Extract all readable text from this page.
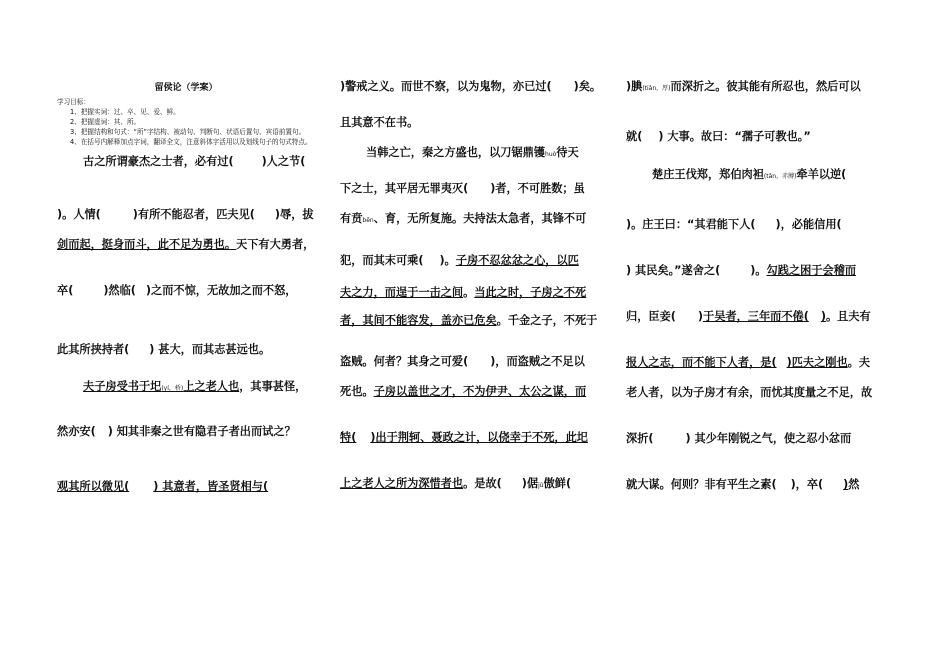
留侯论（学案）

学习目标：

1、把握实词：过、卒、见、爱、鲜。

2、把握虚词：其、所。

3、把握结构和句式：“所”字结构、被动句、判断句、状语后置句、宾语前置句。

4、在括号内解释加点字词，翻译全文，注意斜体字活用以及划线句子的句式特点。

古之所谓豪杰之士者，必有过(	)人之节(

)。人情(	)有所不能忍者，匹夫见( )辱，拔

剑而起，挺身而斗，此不足为勇也。天下有大勇者，

卒(	)然临( )之而不惊，无故加之而不怒，

此其所挟持者( ) 甚大，而其志甚远也。

夫子房受书于圯(yí，桥)上之老人也，其事甚怪，

然亦安( ) 知其非秦之世有隐君子者出而试之？

观其所以微见( ) 其意者，皆圣贤相与(

)警戒之义。而世不察，以为鬼物，亦已过( )矣。

且其意不在书。

当韩之亡，秦之方盛也，以刀锯鼎镬huò待天

下之士，其平居无罪夷灭( )者，不可胜数；虽

有贲bēn、育，无所复施。夫持法太急者，其锋不可

犯，而其末可乘( )。子房不忍忿忿之心，以匹

夫之力，而逞于一击之间。当此之时，子房之不死

者，其间不能容发，盖亦已危矣。千金之子，不死于

盗贼。何者？其身之可爱( )，而盗贼之不足以

死也。子房以盖世之才，不为伊尹、太公之谋，而

特( )出于荆轲、聂政之计，以侥幸于不死，此圯

上之老人之所为深惜者也。是故( )倨jù傲鲜(

)腆(tiǎn，厚)而深折之。彼其能有所忍也，然后可以

就( ) 大事。故曰：“孺子可教也。”

楚庄王伐郑，郑伯肉袒(tǎn，赤膊)牵羊以逆(

)。庄王曰：“其君能下人( )，必能信用(

) 其民矣。”遂舍之(	)。勾践之困于会稽而

归，臣妾( )于吴者，三年而不倦( )。且夫有

报人之志，而不能下人者，是( )匹夫之刚也。夫

老人者，以为子房才有余，而忧其度量之不足，故

深折(	) 其少年刚锐之气，使之忍小忿而

就大谋。何则？非有平生之素( )，卒( )然
